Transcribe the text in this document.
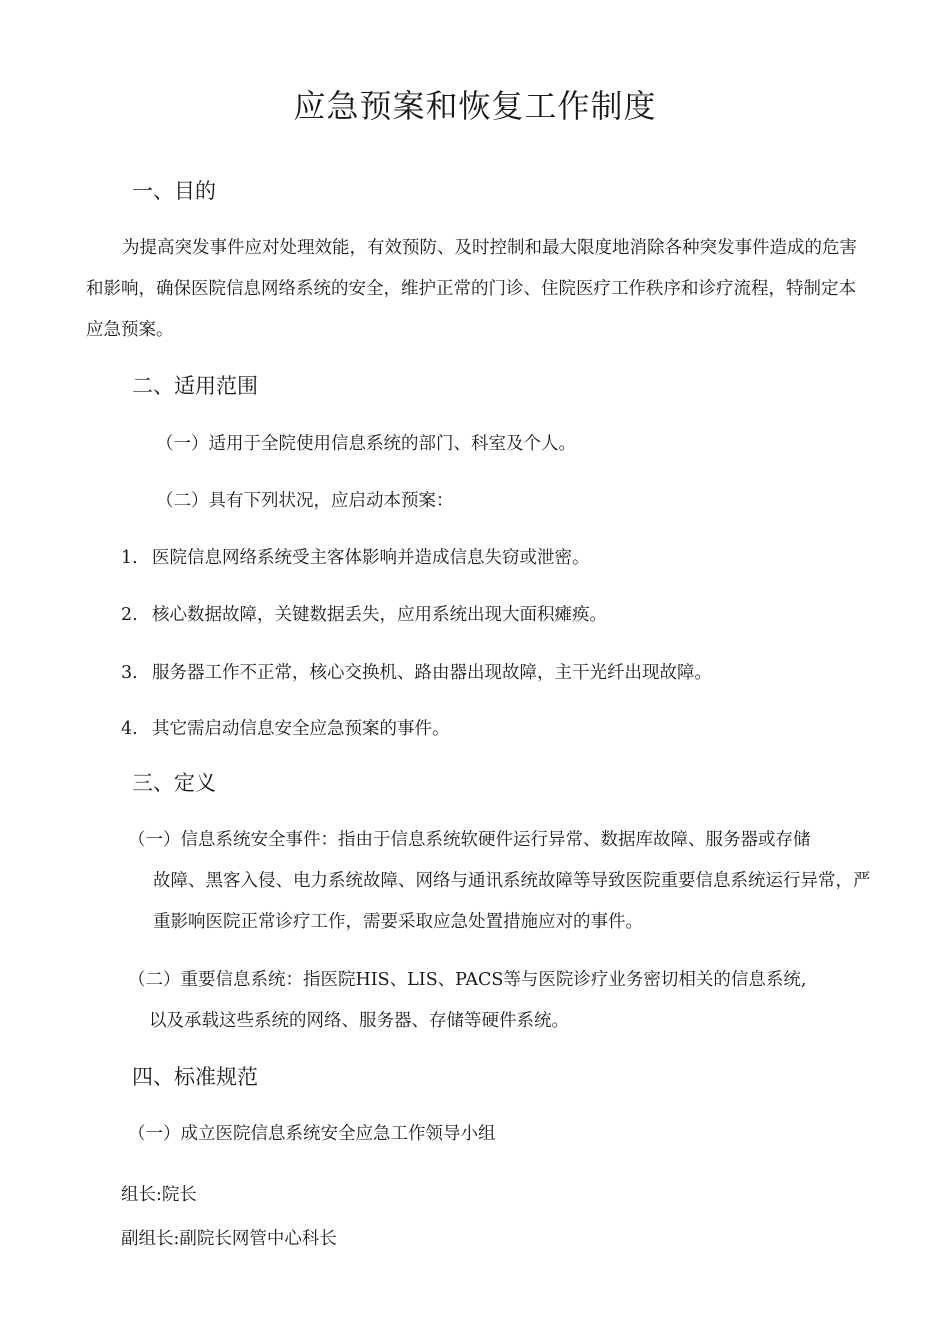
应急预案和恢复工作制度
一、目的
为提高突发事件应对处理效能，有效预防、及时控制和最大限度地消除各种突发事件造成的危害和影响，确保医院信息网络系统的安全，维护正常的门诊、住院医疗工作秩序和诊疗流程，特制定本应急预案。
二、适用范围
（一）适用于全院使用信息系统的部门、科室及个人。
（二）具有下列状况，应启动本预案：
1. 医院信息网络系统受主客体影响并造成信息失窃或泄密。
2. 核心数据故障，关键数据丢失，应用系统出现大面积瘫痪。
3. 服务器工作不正常，核心交换机、路由器出现故障，主干光纤出现故障。
4. 其它需启动信息安全应急预案的事件。
三、定义
（一）信息系统安全事件：指由于信息系统软硬件运行异常、数据库故障、服务器或存储
故障、黑客入侵、电力系统故障、网络与通讯系统故障等导致医院重要信息系统运行异常，严重影响医院正常诊疗工作，需要采取应急处置措施应对的事件。
（二）重要信息系统：指医院HIS、LIS、PACS等与医院诊疗业务密切相关的信息系统,
以及承载这些系统的网络、服务器、存储等硬件系统。
四、标准规范
（一）成立医院信息系统安全应急工作领导小组
组长:院长
副组长:副院长网管中心科长
